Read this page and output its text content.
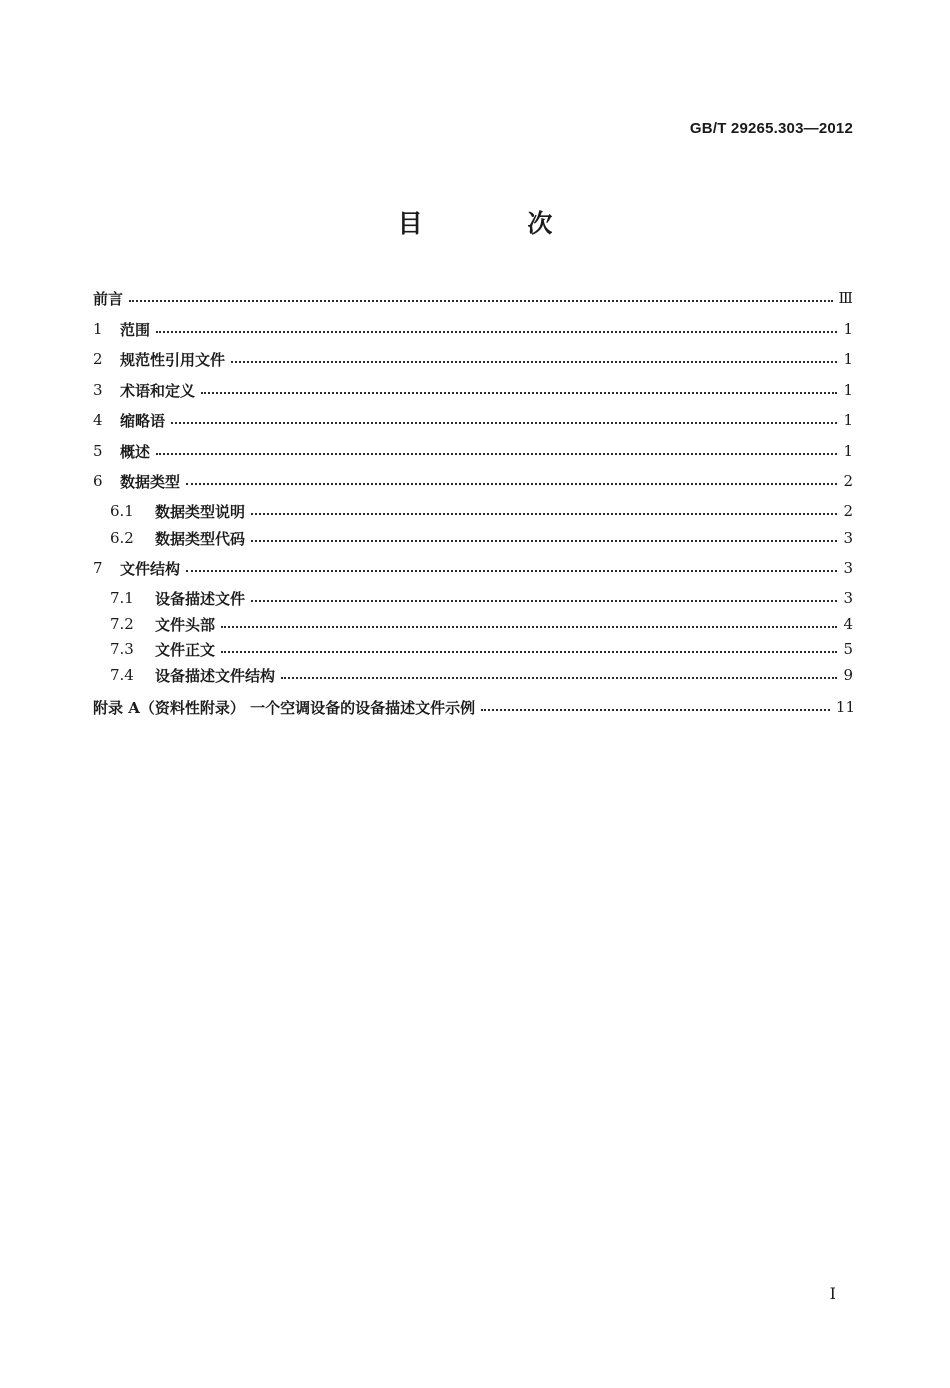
GB/T 29265.303—2012
目 次
前言	Ⅲ
1	范围	1
2	规范性引用文件	1
3	术语和定义	1
4	缩略语	1
5	概述	1
6	数据类型	2
6.1	数据类型说明	2
6.2	数据类型代码	3
7	文件结构	3
7.1	设备描述文件	3
7.2	文件头部	4
7.3	文件正文	5
7.4	设备描述文件结构	9
附录 A（资料性附录） 一个空调设备的设备描述文件示例	11
I
